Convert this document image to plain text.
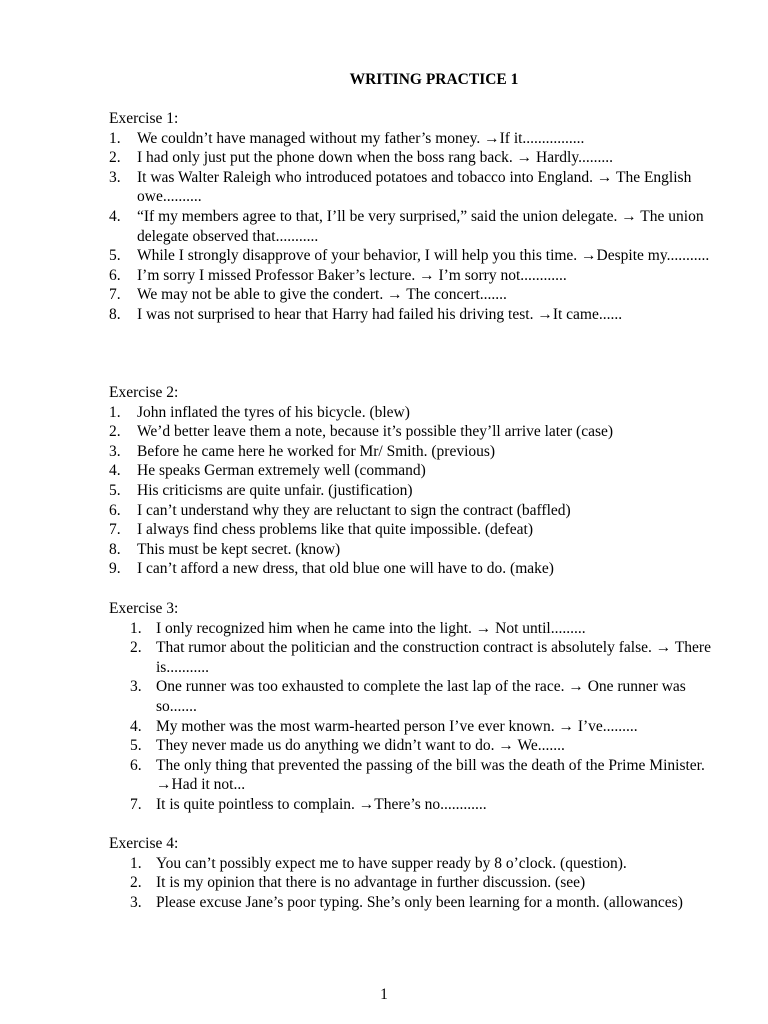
WRITING PRACTICE 1
Exercise 1:
1. We couldn’t have managed without my father’s money. →If it................
2. I had only just put the phone down when the boss rang back. → Hardly.........
3. It was Walter Raleigh who introduced potatoes and tobacco into England. → The English owe..........
4. “If my members agree to that, I’ll be very surprised,” said the union delegate. → The union delegate observed that...........
5. While I strongly disapprove of your behavior, I will help you this time. →Despite my...........
6. I’m sorry I missed Professor Baker’s lecture. → I’m sorry not............
7. We may not be able to give the condert. → The concert.......
8. I was not surprised to hear that Harry had failed his driving test. →It came......
Exercise 2:
1. John inflated the tyres of his bicycle. (blew)
2. We’d better leave them a note, because it’s possible they’ll arrive later (case)
3. Before he came here he worked for Mr/ Smith. (previous)
4. He speaks German extremely well (command)
5. His criticisms are quite unfair. (justification)
6. I can’t understand why they are reluctant to sign the contract (baffled)
7. I always find chess problems like that quite impossible. (defeat)
8. This must be kept secret. (know)
9. I can’t afford a new dress, that old blue one will have to do. (make)
Exercise 3:
1. I only recognized him when he came into the light. → Not until.........
2. That rumor about the politician and the construction contract is absolutely false. → There is...........
3. One runner was too exhausted to complete the last lap of the race. → One runner was so.......
4. My mother was the most warm-hearted person I’ve ever known. → I’ve.........
5. They never made us do anything we didn’t want to do. → We.......
6. The only thing that prevented the passing of the bill was the death of the Prime Minister. →Had it not...
7. It is quite pointless to complain. →There’s no............
Exercise 4:
1. You can’t possibly expect me to have supper ready by 8 o’clock. (question).
2. It is my opinion that there is no advantage in further discussion. (see)
3. Please excuse Jane’s poor typing. She’s only been learning for a month. (allowances)
1
